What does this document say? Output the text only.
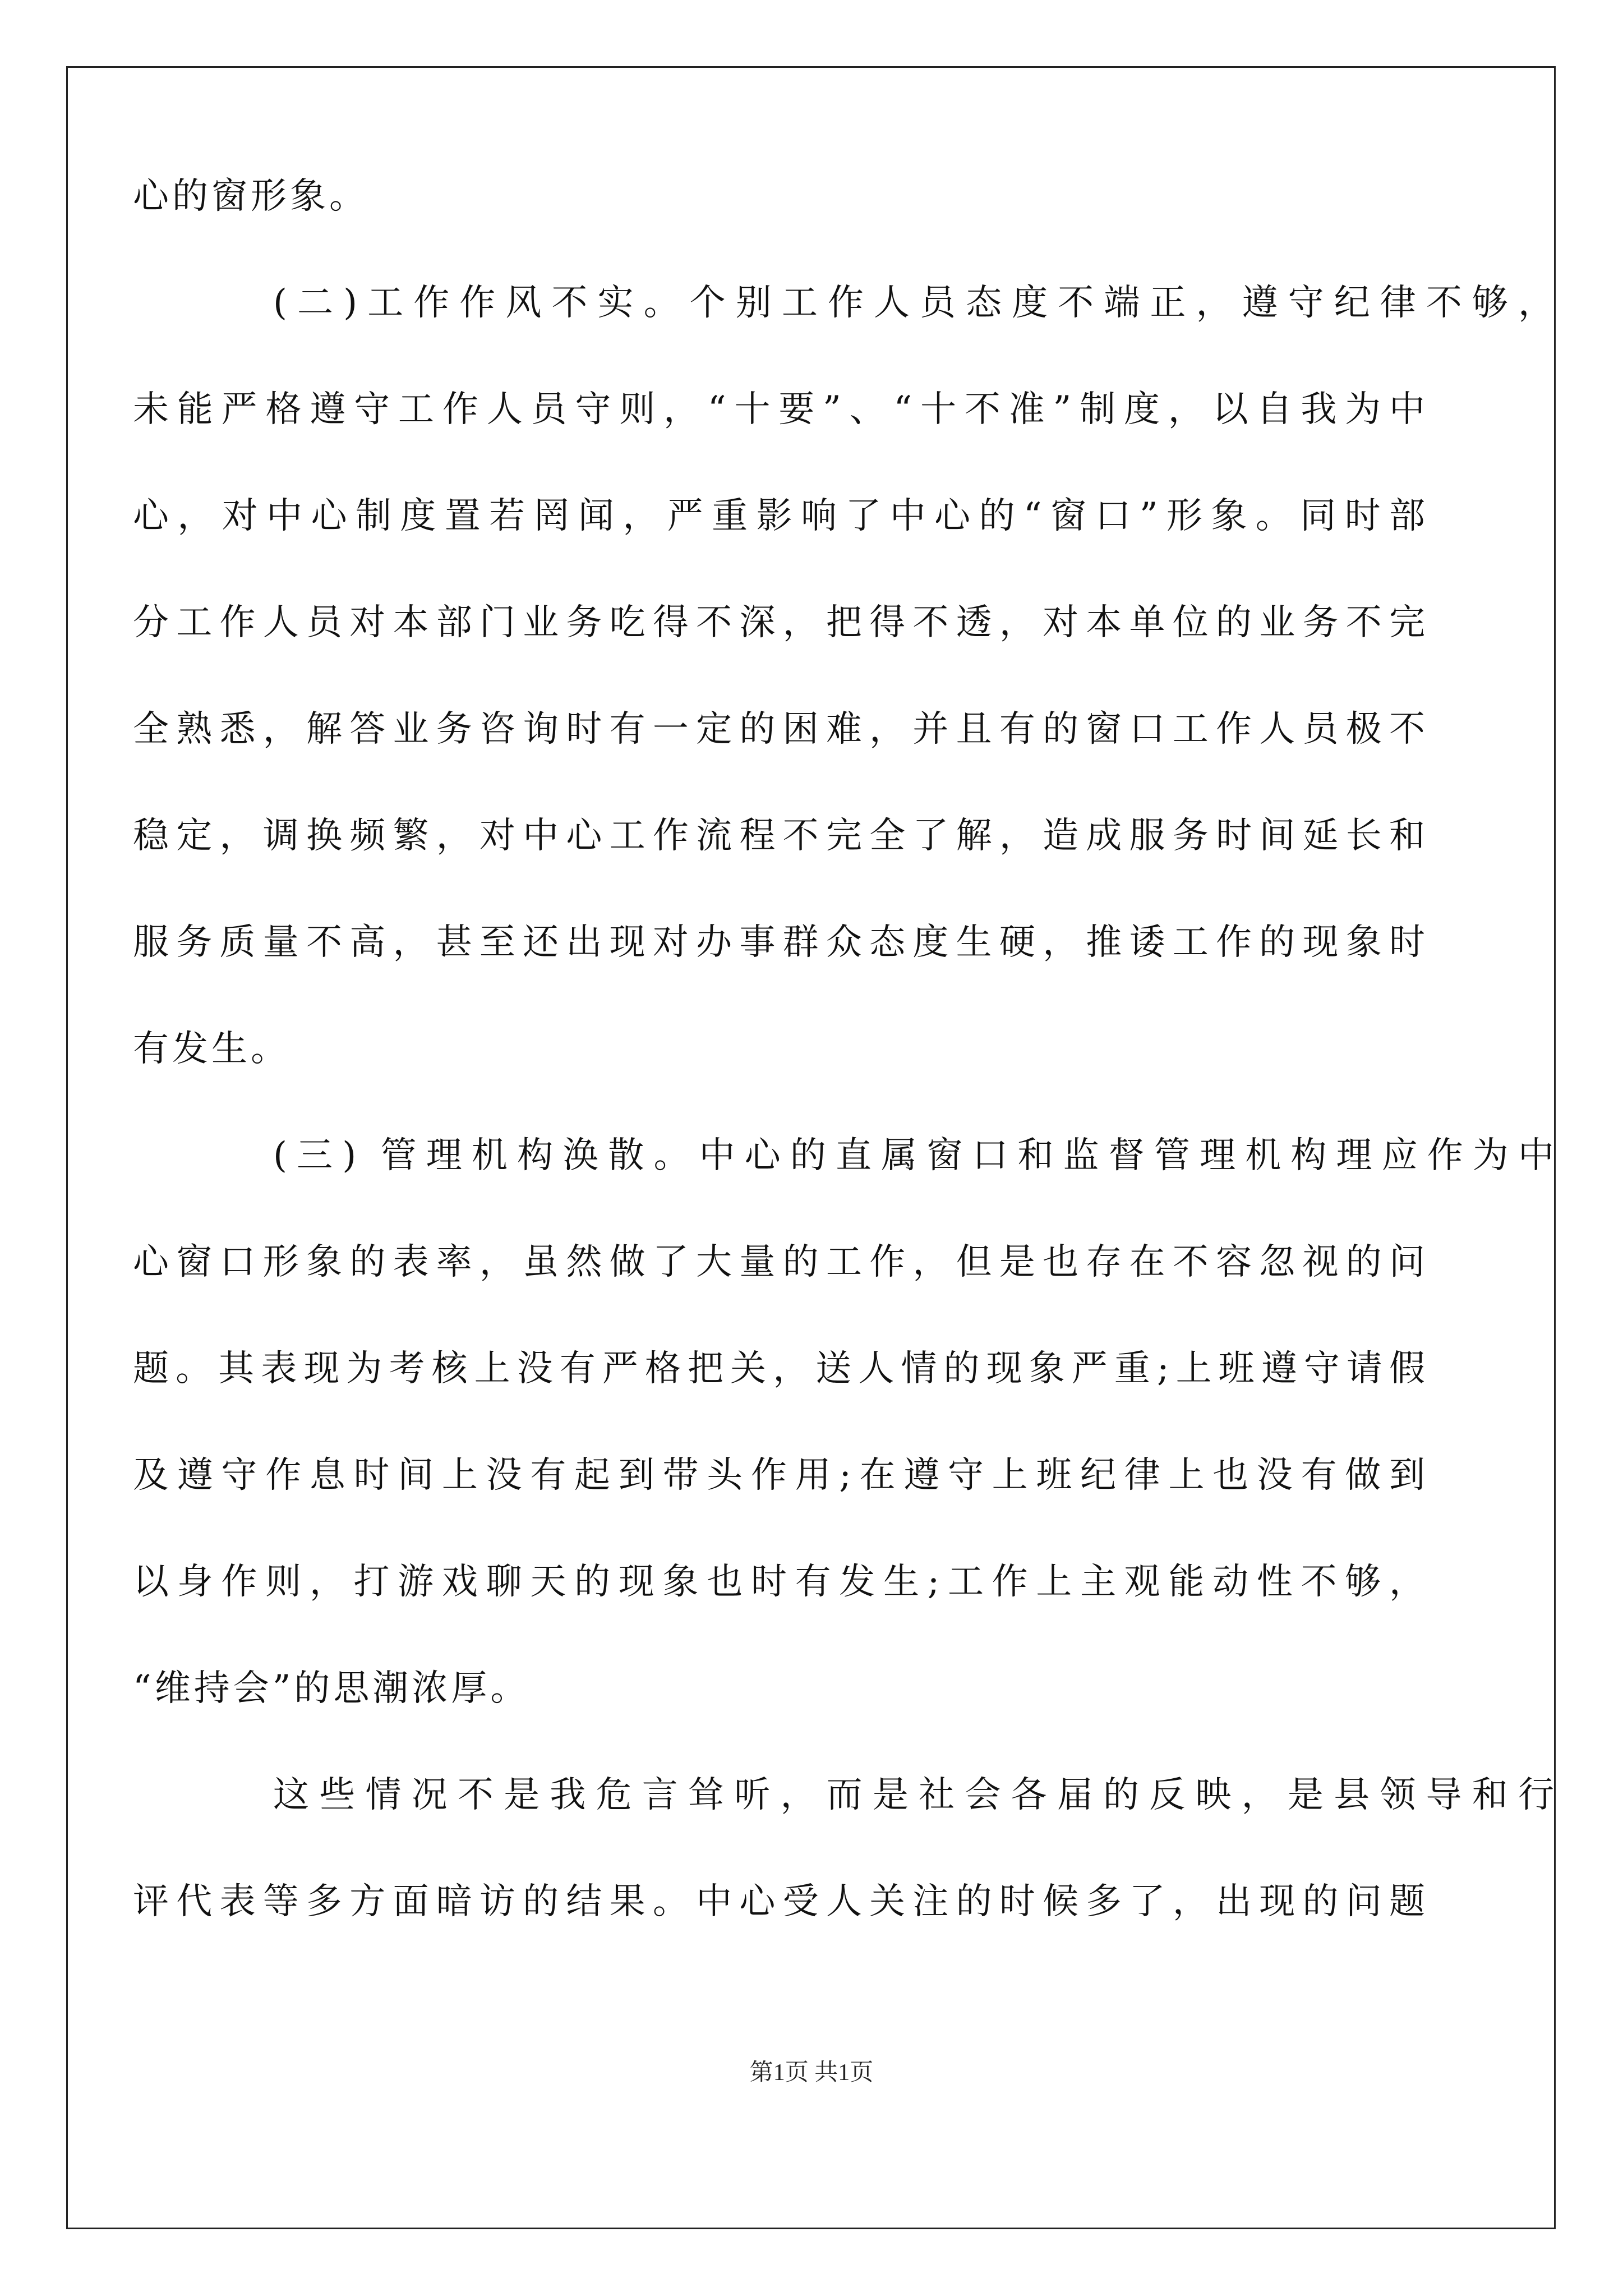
心的窗形象。
(二)工作作风不实。个别工作人员态度不端正，遵守纪律不够，
未能严格遵守工作人员守则，“十要”、“十不准”制度，以自我为中
心，对中心制度置若罔闻，严重影响了中心的“窗口”形象。同时部
分工作人员对本部门业务吃得不深，把得不透，对本单位的业务不完
全熟悉，解答业务咨询时有一定的困难，并且有的窗口工作人员极不
稳定，调换频繁，对中心工作流程不完全了解，造成服务时间延长和
服务质量不高，甚至还出现对办事群众态度生硬，推诿工作的现象时
有发生。
(三) 管理机构涣散。中心的直属窗口和监督管理机构理应作为中
心窗口形象的表率，虽然做了大量的工作，但是也存在不容忽视的问
题。其表现为考核上没有严格把关，送人情的现象严重;上班遵守请假
及遵守作息时间上没有起到带头作用;在遵守上班纪律上也没有做到
以身作则，打游戏聊天的现象也时有发生;工作上主观能动性不够，
“维持会”的思潮浓厚。
这些情况不是我危言耸听，而是社会各届的反映，是县领导和行
评代表等多方面暗访的结果。中心受人关注的时候多了，出现的问题
第1页 共1页
